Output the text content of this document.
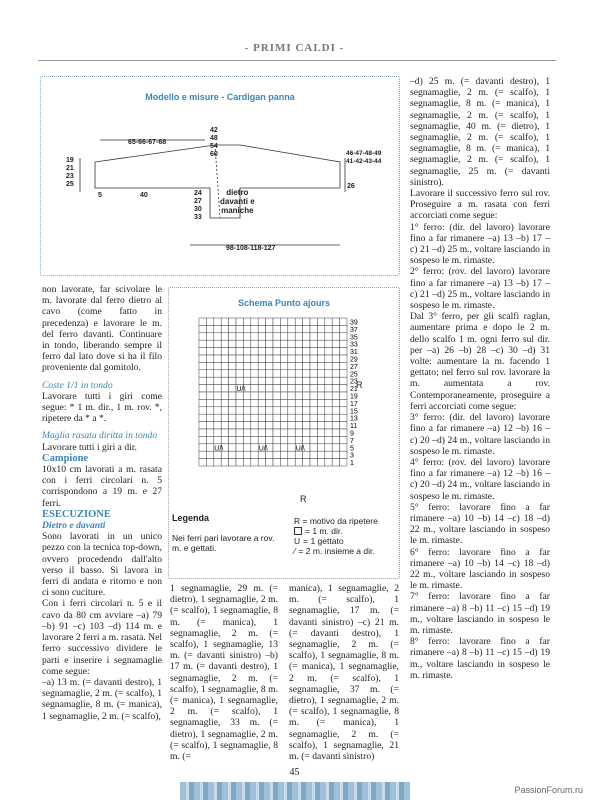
- PRIMI CALDI -
Modello e misure - Cardigan panna
42
48
54
60
65-66-67-68
19
21
23
25
5	40	24
27
30
33
dietro
davanti e
maniche
46-47-48-49
41-42-43-44
26
98-108-118-127

non lavorate, far scivolare le m. lavorate dal ferro dietro al cavo (come fatto in precedenza) e lavorare le m. del ferro davanti. Continuare in tondo, liberando sempre il ferro dal lato dove si ha il filo proveniente dal gomitolo.

Coste 1/1 in tondo

Lavorare tutti i giri come segue: * 1 m. dir., 1 m. rov. *, ripetere da * a *.

Maglia rasata diritta in tondo

Lavorare tutti i giri a dir.

Campione

10x10 cm lavorati a m. rasata con i ferri circolari n. 5 corrispondono a 19 m. e 27 ferri.

ESECUZIONE

Dietro e davanti

Sono lavorati in un unico pezzo con la tecnica top-down, ovvero procedendo dall'alto verso il basso. Si lavora in ferri di andata e ritorno e non ci sono cuciture.

Con i ferri circolari n. 5 e il cavo da 80 cm avviare –a) 79 –b) 91 –c) 103 –d) 114 m. e lavorare 2 ferri a m. rasata. Nel ferro successivo dividere le parti e inserire i segnamaglie come segue:

–a) 13 m. (= davanti destro), 1 segnamaglie, 2 m. (= scalfo), 1 segnamaglie, 8 m. (= manica), 1 segnamaglie, 2 m. (= scalfo),

Schema Punto ajours
39
37
35
33
31
29
27
25
23
21
19
17
15
13
11
9
7
5
3
1
U/\
U/\	U/\	U/\
R
R
Legenda
Nei ferri pari lavorare a rov. m. e gettati.
R = motivo da ripetere
= 1 m. dir.
U = 1 gettato
⁄ = 2 m. insieme a dir.
1 segnamaglie, 29 m. (= dietro), 1 segnamaglie, 2 m. (= scalfo), 1 segnamaglie, 8 m. (= manica), 1 segnamaglie, 2 m. (= scalfo), 1 segnamaglie, 13 m. (= davanti sinistro) –b) 17 m. (= davanti destro), 1 segnamaglie, 2 m. (= scalfo), 1 segnamaglie, 8 m. (= manica), 1 segnamaglie, 2 m. (= scalfo), 1 segnamaglie, 33 m. (= dietro), 1 segnamaglie, 2 m. (= scalfo), 1 segnamaglie, 8 m. (=
manica), 1 segnamaglie, 2 m. (= scalfo), 1 segnamaglie, 17 m. (= davanti sinistro) –c) 21 m. (= davanti destro), 1 segnamaglie, 2 m. (= scalfo), 1 segnamaglie, 8 m. (= manica), 1 segnamaglie, 2 m. (= scalfo), 1 segnamaglie, 37 m. (= dietro), 1 segnamaglie, 2 m. (= scalfo), 1 segnamaglie, 8 m. (= manica), 1 segnamaglie, 2 m. (= scalfo), 1 segnamaglie, 21 m. (= davanti sinistro)

–d) 25 m. (= davanti destro), 1 segnamaglie, 2 m. (= scalfo), 1 segnamaglie, 8 m. (= manica), 1 segnamaglie, 2 m. (= scalfo), 1 segnamaglie, 40 m. (= dietro), 1 segnamaglie, 2 m. (= scalfo), 1 segnamaglie, 8 m. (= manica), 1 segnamaglie, 2 m. (= scalfo), 1 segnamaglie, 25 m. (= davanti sinistro).

Lavorare il successivo ferro sul rov. Proseguire a m. rasata con ferri accorciati come segue:

1° ferro: (dir. del lavoro) lavorare fino a far rimanere –a) 13 –b) 17 –c) 21 –d) 25 m., voltare lasciando in sospeso le m. rimaste.

2° ferro: (rov. del lavoro) lavorare fino a far rimanere –a) 13 –b) 17 –c) 21 –d) 25 m., voltare lasciando in sospeso le m. rimaste.

Dal 3° ferro, per gli scalfi raglan, aumentare prima e dopo le 2 m. dello scalfo 1 m. ogni ferro sul dir. per –a) 26 –b) 28 –c) 30 –d) 31 volte: aumentare la m. facendo 1 gettato; nel ferro sul rov. lavorare la m. aumentata a rov. Contemporaneamente, proseguire a ferri accorciati come segue:

3° ferro: (dir. del lavoro) lavorare fino a far rimanere –a) 12 –b) 16 –c) 20 –d) 24 m., voltare lasciando in sospeso le m. rimaste.

4° ferro: (rov. del lavoro) lavorare fino a far rimanere –a) 12 –b) 16 –c) 20 –d) 24 m., voltare lasciando in sospeso le m. rimaste.

5° ferro: lavorare fino a far rimanere –a) 10 –b) 14 –c) 18 –d) 22 m., voltare lasciando in sospeso le m. rimaste.

6° ferro: lavorare fino a far rimanere –a) 10 –b) 14 –c) 18 –d) 22 m., voltare lasciando in sospeso le m. rimaste.

7° ferro: lavorare fino a far rimanere –a) 8 –b) 11 –c) 15 –d) 19 m., voltare lasciando in sospeso le m. rimaste.

8° ferro: lavorare fino a far rimanere –a) 8 –b) 11 –c) 15 –d) 19 m., voltare lasciando in sospeso le m. rimaste.

45
PassionForum.ru
